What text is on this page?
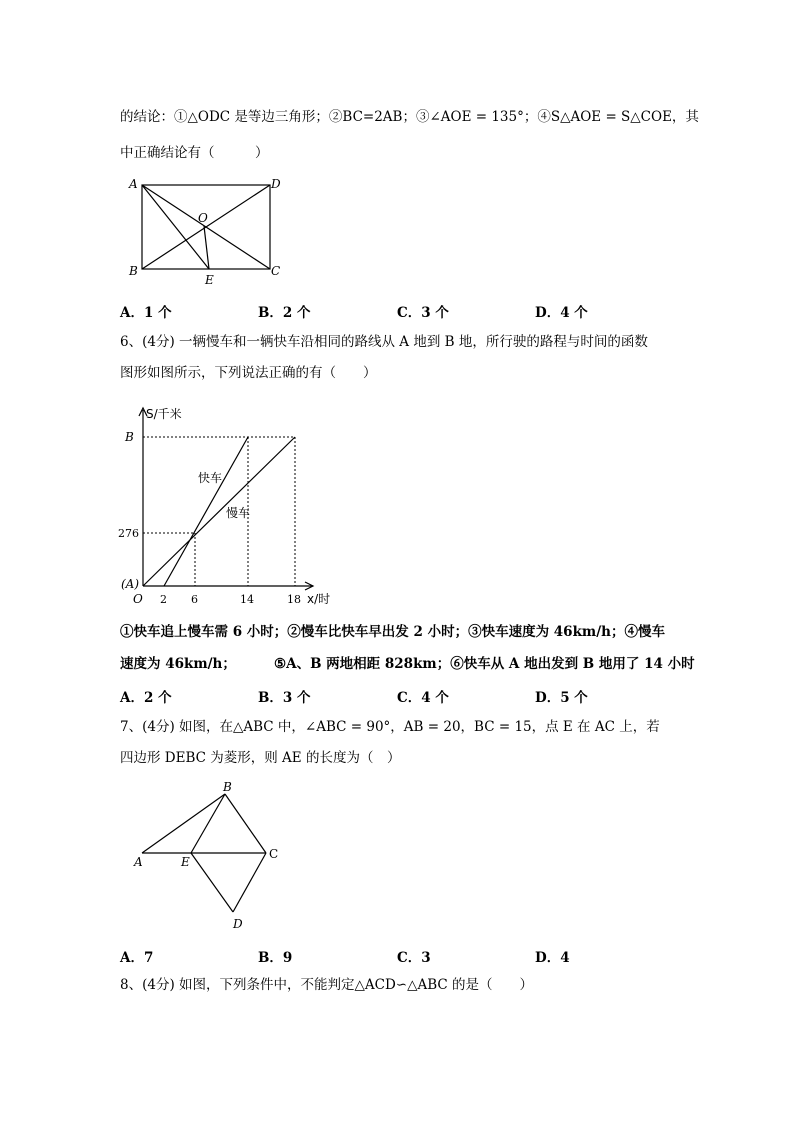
的结论：①△ODC 是等边三角形；②BC=2AB；③∠AOE = 135°；④S△AOE = S△COE，其
中正确结论有（　　　）
A	D
B	C
O
E
A．1 个	B．2 个	C．3 个	D．4 个
6、(4分) 一辆慢车和一辆快车沿相同的路线从 A 地到 B 地，所行驶的路程与时间的函数
图形如图所示，下列说法正确的有（　　）
S/千米
x/时
B
276
(A)
O 2 6	14	18
快车
慢车
①快车追上慢车需 6 小时；②慢车比快车早出发 2 小时；③快车速度为 46km/h；④慢车
速度为 46km/h；	⑤A、B 两地相距 828km；⑥快车从 A 地出发到 B 地用了 14 小时
A．2 个	B．3 个	C．4 个	D．5 个
7、(4分) 如图，在△ABC 中，∠ABC = 90°，AB = 20，BC = 15，点 E 在 AC 上，若
四边形 DEBC 为菱形，则 AE 的长度为（　）
B
A	E
C
D
A．7	B．9	C．3	D．4
8、(4分) 如图，下列条件中，不能判定△ACD∽△ABC 的是（　　）
